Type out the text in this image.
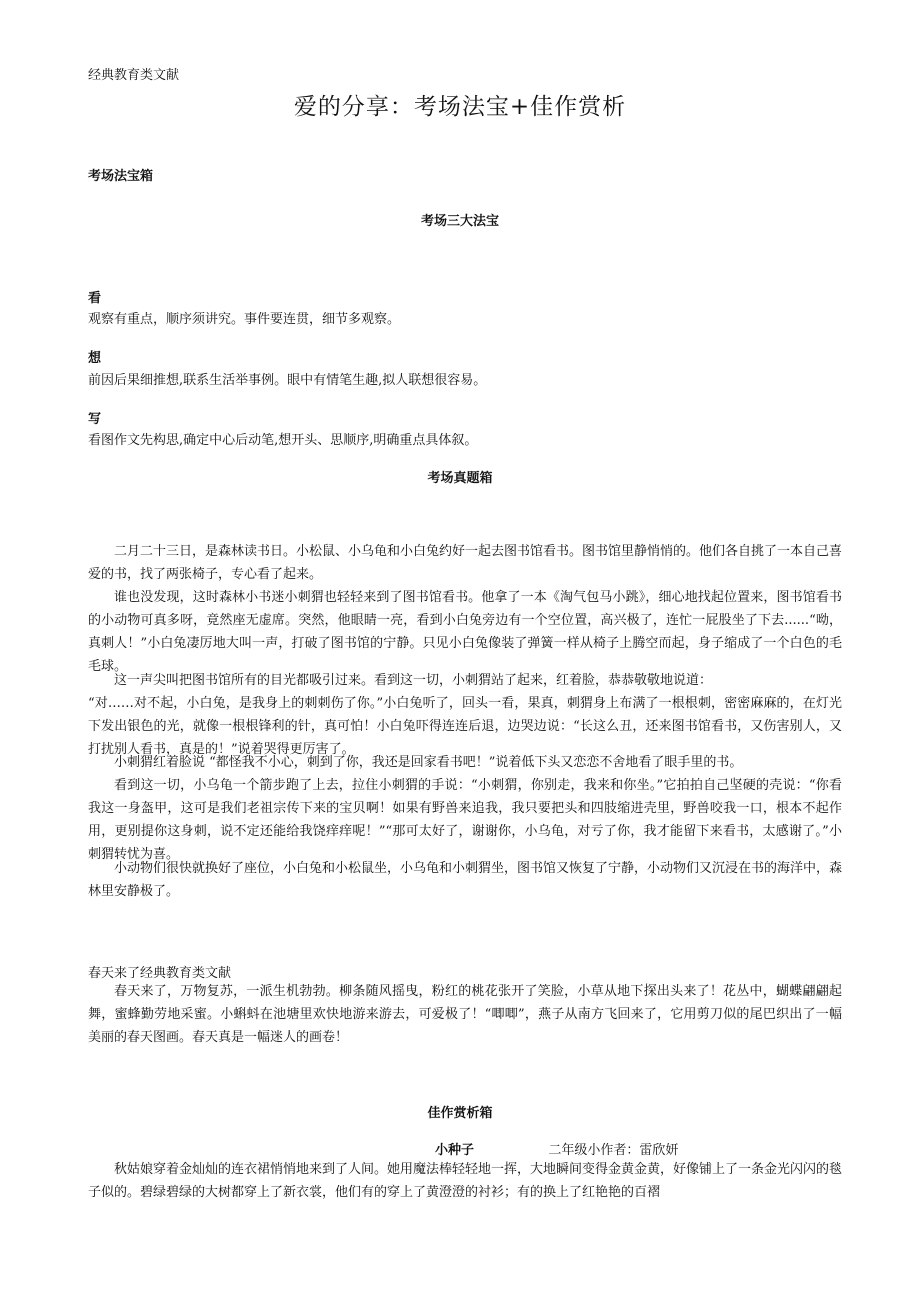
经典教育类文献
爱的分享：考场法宝+佳作赏析
考场法宝箱
考场三大法宝
看
观察有重点，顺序须讲究。事件要连贯，细节多观察。
想
前因后果细推想,联系生活举事例。眼中有情笔生趣,拟人联想很容易。
写
看图作文先构思,确定中心后动笔,想开头、思顺序,明确重点具体叙。
考场真题箱
二月二十三日，是森林读书日。小松鼠、小乌龟和小白兔约好一起去图书馆看书。图书馆里静悄悄的。他们各自挑了一本自己喜爱的书，找了两张椅子，专心看了起来。
谁也没发现，这时森林小书迷小刺猬也轻轻来到了图书馆看书。他拿了一本《淘气包马小跳》，细心地找起位置来，图书馆看书的小动物可真多呀，竟然座无虚席。突然，他眼睛一亮，看到小白兔旁边有一个空位置，高兴极了，连忙一屁股坐了下去......“呦，真刺人！”小白兔凄厉地大叫一声，打破了图书馆的宁静。只见小白兔像装了弹簧一样从椅子上腾空而起，身子缩成了一个白色的毛毛球。
这一声尖叫把图书馆所有的目光都吸引过来。看到这一切，小刺猬站了起来，红着脸，恭恭敬敬地说道：
“对……对不起，小白兔，是我身上的刺刺伤了你。”小白兔听了，回头一看，果真，刺猬身上布满了一根根刺，密密麻麻的，在灯光下发出银色的光，就像一根根锋利的针，真可怕！小白兔吓得连连后退，边哭边说：“长这么丑，还来图书馆看书，又伤害别人，又打扰别人看书，真是的！”说着哭得更厉害了。
小刺猬红着脸说 “都怪我不小心，刺到了你，我还是回家看书吧！”说着低下头又恋恋不舍地看了眼手里的书。
看到这一切，小乌龟一个箭步跑了上去，拉住小刺猬的手说：“小刺猬，你别走，我来和你坐。”它拍拍自己坚硬的壳说：“你看我这一身盔甲，这可是我们老祖宗传下来的宝贝啊！如果有野兽来追我，我只要把头和四肢缩进壳里，野兽咬我一口，根本不起作用，更别提你这身刺，说不定还能给我饶痒痒呢！”“那可太好了，谢谢你，小乌龟，对亏了你，我才能留下来看书，太感谢了。”小刺猬转忧为喜。
小动物们很快就换好了座位，小白兔和小松鼠坐，小乌龟和小刺猬坐，图书馆又恢复了宁静，小动物们又沉浸在书的海洋中，森林里安静极了。
春天来了经典教育类文献
春天来了，万物复苏，一派生机勃勃。柳条随风摇曳，粉红的桃花张开了笑脸，小草从地下探出头来了！花丛中，蝴蝶翩翩起舞，蜜蜂勤劳地采蜜。小蝌蚪在池塘里欢快地游来游去，可爱极了！“唧唧”，燕子从南方飞回来了，它用剪刀似的尾巴织出了一幅美丽的春天图画。春天真是一幅迷人的画卷！
佳作赏析箱
小种子	二年级小作者：雷欣妍
秋姑娘穿着金灿灿的连衣裙悄悄地来到了人间。她用魔法棒轻轻地一挥，大地瞬间变得金黄金黄，好像铺上了一条金光闪闪的毯子似的。碧绿碧绿的大树都穿上了新衣裳，他们有的穿上了黄澄澄的衬衫；有的换上了红艳艳的百褶
